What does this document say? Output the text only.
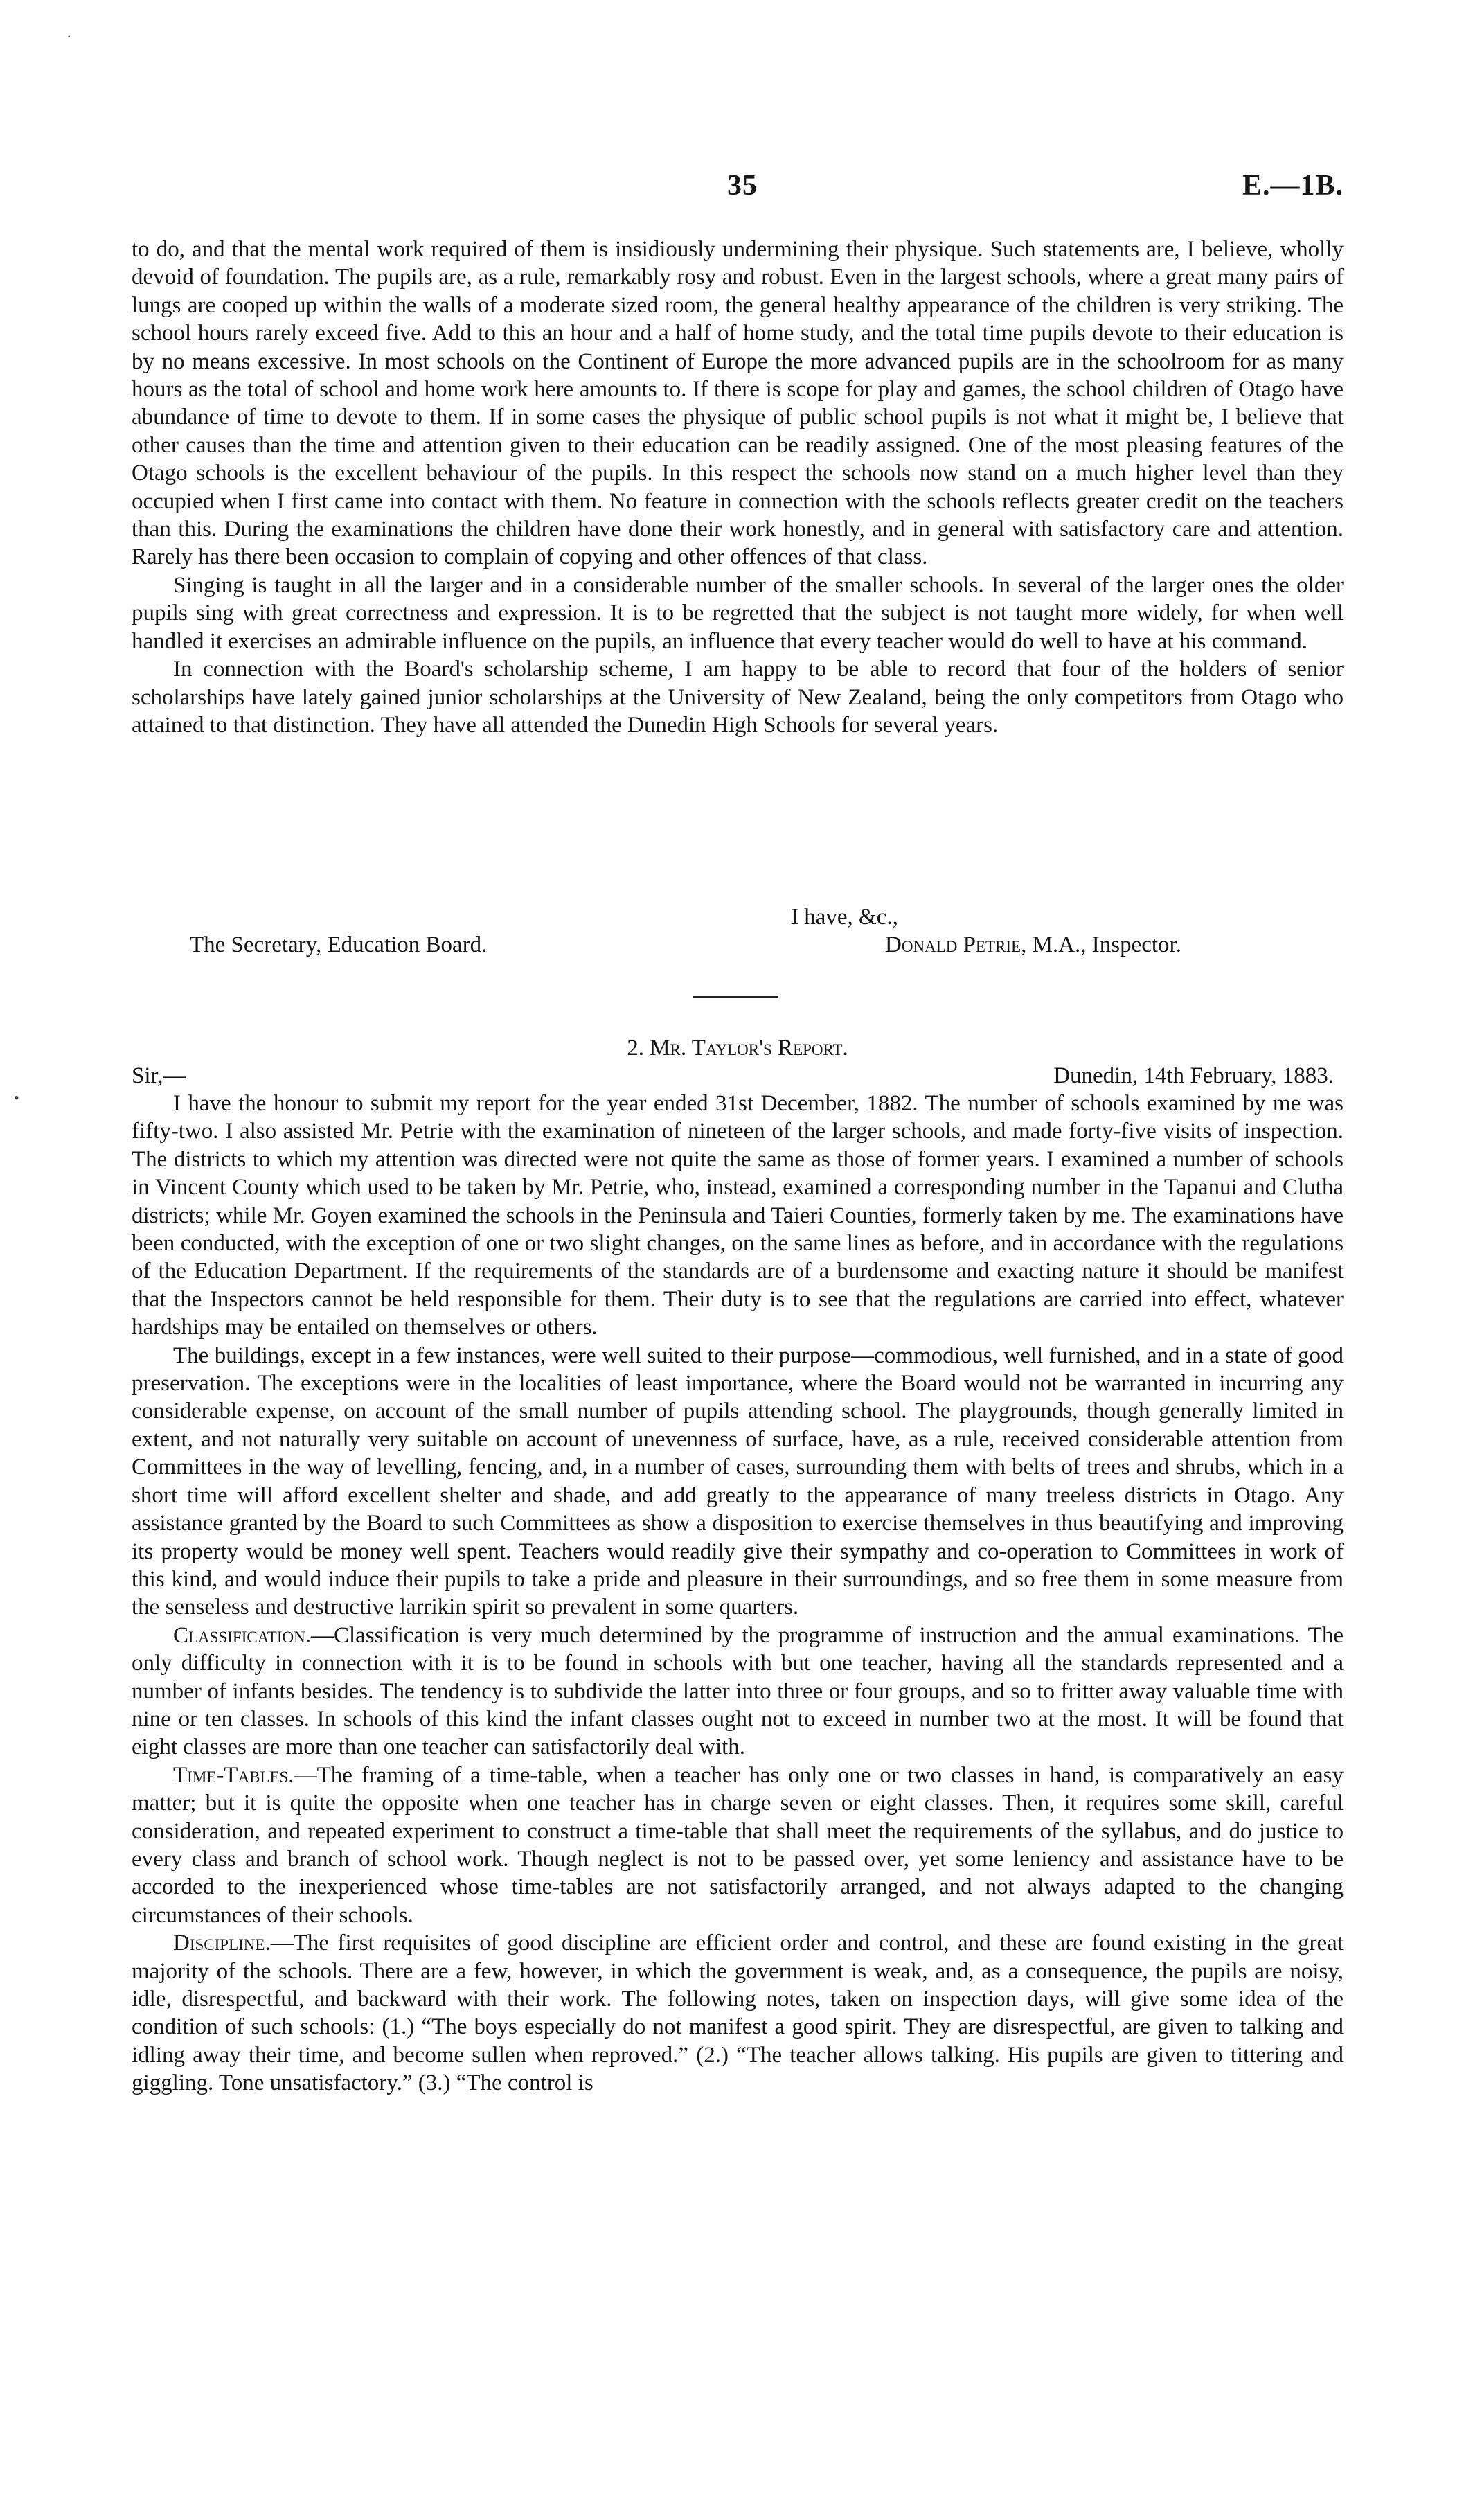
35	E.—1B.

to do, and that the mental work required of them is insidiously undermining their physique. Such statements are, I believe, wholly devoid of foundation. The pupils are, as a rule, remarkably rosy and robust. Even in the largest schools, where a great many pairs of lungs are cooped up within the walls of a moderate sized room, the general healthy appearance of the children is very striking. The school hours rarely exceed five. Add to this an hour and a half of home study, and the total time pupils devote to their education is by no means excessive. In most schools on the Continent of Europe the more advanced pupils are in the schoolroom for as many hours as the total of school and home work here amounts to. If there is scope for play and games, the school children of Otago have abundance of time to devote to them. If in some cases the physique of public school pupils is not what it might be, I believe that other causes than the time and attention given to their education can be readily assigned. One of the most pleasing features of the Otago schools is the excellent behaviour of the pupils. In this respect the schools now stand on a much higher level than they occupied when I first came into contact with them. No feature in connection with the schools reflects greater credit on the teachers than this. During the examinations the children have done their work honestly, and in general with satisfactory care and attention. Rarely has there been occasion to complain of copying and other offences of that class.

Singing is taught in all the larger and in a considerable number of the smaller schools. In several of the larger ones the older pupils sing with great correctness and expression. It is to be regretted that the subject is not taught more widely, for when well handled it exercises an admirable influence on the pupils, an influence that every teacher would do well to have at his command.

In connection with the Board's scholarship scheme, I am happy to be able to record that four of the holders of senior scholarships have lately gained junior scholarships at the University of New Zealand, being the only competitors from Otago who attained to that distinction. They have all attended the Dunedin High Schools for several years.

I have, &c.,
The Secretary, Education Board.	Donald Petrie, M.A., Inspector.
2. Mr. Taylor's Report.
Sir,—	Dunedin, 14th February, 1883.

I have the honour to submit my report for the year ended 31st December, 1882. The number of schools examined by me was fifty-two. I also assisted Mr. Petrie with the examination of nineteen of the larger schools, and made forty-five visits of inspection. The districts to which my attention was directed were not quite the same as those of former years. I examined a number of schools in Vincent County which used to be taken by Mr. Petrie, who, instead, examined a corresponding number in the Tapanui and Clutha districts; while Mr. Goyen examined the schools in the Peninsula and Taieri Counties, formerly taken by me. The examinations have been conducted, with the exception of one or two slight changes, on the same lines as before, and in accordance with the regulations of the Education Department. If the requirements of the standards are of a burdensome and exacting nature it should be manifest that the Inspectors cannot be held responsible for them. Their duty is to see that the regulations are carried into effect, whatever hardships may be entailed on themselves or others.

The buildings, except in a few instances, were well suited to their purpose—commodious, well furnished, and in a state of good preservation. The exceptions were in the localities of least importance, where the Board would not be warranted in incurring any considerable expense, on account of the small number of pupils attending school. The playgrounds, though generally limited in extent, and not naturally very suitable on account of unevenness of surface, have, as a rule, received considerable attention from Committees in the way of levelling, fencing, and, in a number of cases, surrounding them with belts of trees and shrubs, which in a short time will afford excellent shelter and shade, and add greatly to the appearance of many treeless districts in Otago. Any assistance granted by the Board to such Committees as show a disposition to exercise themselves in thus beautifying and improving its property would be money well spent. Teachers would readily give their sympathy and co-operation to Committees in work of this kind, and would induce their pupils to take a pride and pleasure in their surroundings, and so free them in some measure from the senseless and destructive larrikin spirit so prevalent in some quarters.

Classification.—Classification is very much determined by the programme of instruction and the annual examinations. The only difficulty in connection with it is to be found in schools with but one teacher, having all the standards represented and a number of infants besides. The tendency is to subdivide the latter into three or four groups, and so to fritter away valuable time with nine or ten classes. In schools of this kind the infant classes ought not to exceed in number two at the most. It will be found that eight classes are more than one teacher can satisfactorily deal with.

Time-Tables.—The framing of a time-table, when a teacher has only one or two classes in hand, is comparatively an easy matter; but it is quite the opposite when one teacher has in charge seven or eight classes. Then, it requires some skill, careful consideration, and repeated experiment to construct a time-table that shall meet the requirements of the syllabus, and do justice to every class and branch of school work. Though neglect is not to be passed over, yet some leniency and assistance have to be accorded to the inexperienced whose time-tables are not satisfactorily arranged, and not always adapted to the changing circumstances of their schools.

Discipline.—The first requisites of good discipline are efficient order and control, and these are found existing in the great majority of the schools. There are a few, however, in which the government is weak, and, as a consequence, the pupils are noisy, idle, disrespectful, and backward with their work. The following notes, taken on inspection days, will give some idea of the condition of such schools: (1.) “The boys especially do not manifest a good spirit. They are disrespectful, are given to talking and idling away their time, and become sullen when reproved.” (2.) “The teacher allows talking. His pupils are given to tittering and giggling. Tone unsatisfactory.” (3.) “The control is

·
•
